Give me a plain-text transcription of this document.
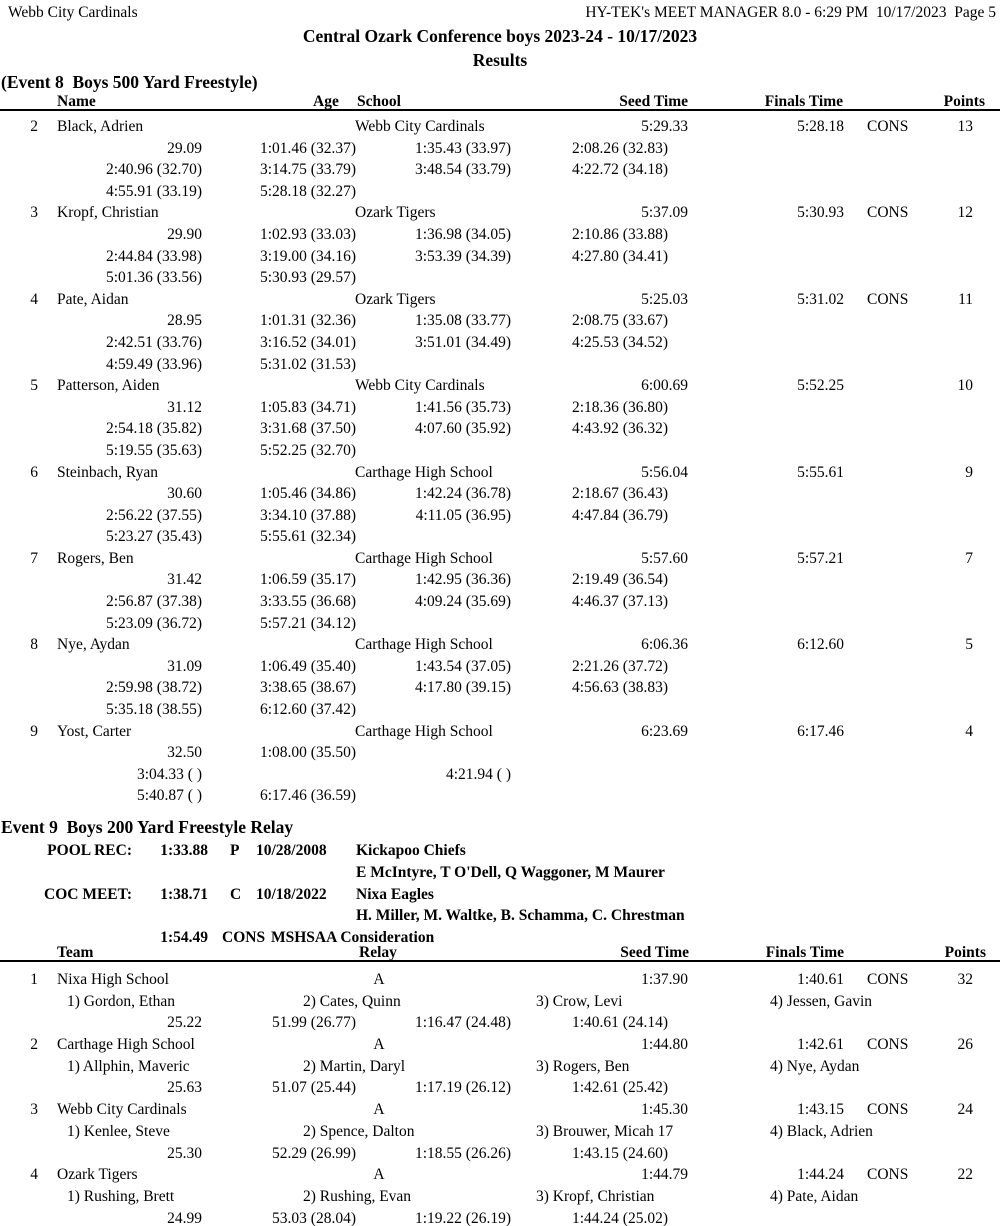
Webb City Cardinals	HY-TEK's MEET MANAGER 8.0 - 6:29 PM  10/17/2023  Page 5
Central Ozark Conference boys 2023-24 - 10/17/2023
Results
(Event 8  Boys 500 Yard Freestyle)
Name	Age School	Seed Time	Finals Time	Points
2 Black, Adrien	Webb City Cardinals	5:29.33	5:28.18 CONS	13
29.09	1:01.46 (32.37)	1:35.43 (33.97)	2:08.26 (32.83)
2:40.96 (32.70)	3:14.75 (33.79)	3:48.54 (33.79)	4:22.72 (34.18)
4:55.91 (33.19)	5:28.18 (32.27)
3 Kropf, Christian	Ozark Tigers	5:37.09	5:30.93 CONS	12
29.90	1:02.93 (33.03)	1:36.98 (34.05)	2:10.86 (33.88)
2:44.84 (33.98)	3:19.00 (34.16)	3:53.39 (34.39)	4:27.80 (34.41)
5:01.36 (33.56)	5:30.93 (29.57)
4 Pate, Aidan	Ozark Tigers	5:25.03	5:31.02 CONS	11
28.95	1:01.31 (32.36)	1:35.08 (33.77)	2:08.75 (33.67)
2:42.51 (33.76)	3:16.52 (34.01)	3:51.01 (34.49)	4:25.53 (34.52)
4:59.49 (33.96)	5:31.02 (31.53)
5 Patterson, Aiden	Webb City Cardinals	6:00.69	5:52.25	10
31.12	1:05.83 (34.71)	1:41.56 (35.73)	2:18.36 (36.80)
2:54.18 (35.82)	3:31.68 (37.50)	4:07.60 (35.92)	4:43.92 (36.32)
5:19.55 (35.63)	5:52.25 (32.70)
6 Steinbach, Ryan	Carthage High School	5:56.04	5:55.61	9
30.60	1:05.46 (34.86)	1:42.24 (36.78)	2:18.67 (36.43)
2:56.22 (37.55)	3:34.10 (37.88)	4:11.05 (36.95)	4:47.84 (36.79)
5:23.27 (35.43)	5:55.61 (32.34)
7 Rogers, Ben	Carthage High School	5:57.60	5:57.21	7
31.42	1:06.59 (35.17)	1:42.95 (36.36)	2:19.49 (36.54)
2:56.87 (37.38)	3:33.55 (36.68)	4:09.24 (35.69)	4:46.37 (37.13)
5:23.09 (36.72)	5:57.21 (34.12)
8 Nye, Aydan	Carthage High School	6:06.36	6:12.60	5
31.09	1:06.49 (35.40)	1:43.54 (37.05)	2:21.26 (37.72)
2:59.98 (38.72)	3:38.65 (38.67)	4:17.80 (39.15)	4:56.63 (38.83)
5:35.18 (38.55)	6:12.60 (37.42)
9 Yost, Carter	Carthage High School	6:23.69	6:17.46	4
32.50	1:08.00 (35.50)
3:04.33 ( )	4:21.94 ( )
5:40.87 ( )	6:17.46 (36.59)
Event 9  Boys 200 Yard Freestyle Relay
POOL REC: 1:33.88 P 10/28/2008 Kickapoo Chiefs
E McIntyre, T O'Dell, Q Waggoner, M Maurer
COC MEET: 1:38.71 C 10/18/2022 Nixa Eagles
H. Miller, M. Waltke, B. Schamma, C. Chrestman
1:54.49 CONS MSHSAA Consideration
Team	Relay	Seed Time	Finals Time	Points
1 Nixa High School	A	1:37.90	1:40.61 CONS	32
1) Gordon, Ethan	2) Cates, Quinn	3) Crow, Levi	4) Jessen, Gavin
25.22	51.99 (26.77)	1:16.47 (24.48)	1:40.61 (24.14)
2 Carthage High School	A	1:44.80	1:42.61 CONS	26
1) Allphin, Maveric	2) Martin, Daryl	3) Rogers, Ben	4) Nye, Aydan
25.63	51.07 (25.44)	1:17.19 (26.12)	1:42.61 (25.42)
3 Webb City Cardinals	A	1:45.30	1:43.15 CONS	24
1) Kenlee, Steve	2) Spence, Dalton	3) Brouwer, Micah 17	4) Black, Adrien
25.30	52.29 (26.99)	1:18.55 (26.26)	1:43.15 (24.60)
4 Ozark Tigers	A	1:44.79	1:44.24 CONS	22
1) Rushing, Brett	2) Rushing, Evan	3) Kropf, Christian	4) Pate, Aidan
24.99	53.03 (28.04)	1:19.22 (26.19)	1:44.24 (25.02)
